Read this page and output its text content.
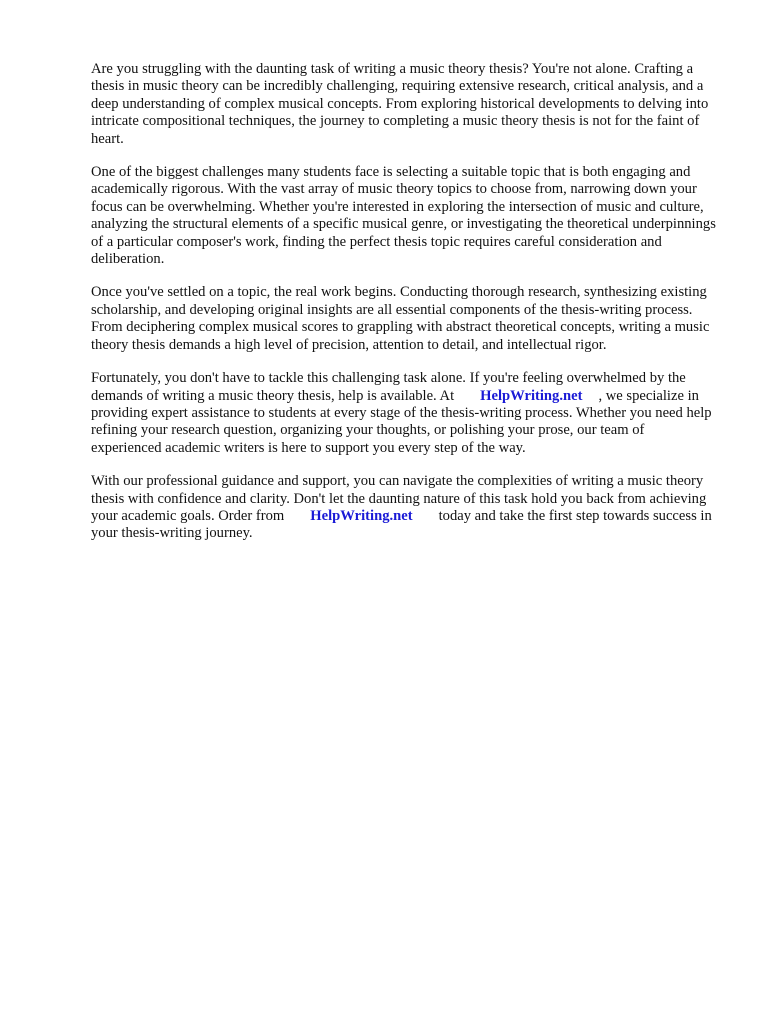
Are you struggling with the daunting task of writing a music theory thesis? You're not alone. Crafting a thesis in music theory can be incredibly challenging, requiring extensive research, critical analysis, and a deep understanding of complex musical concepts. From exploring historical developments to delving into intricate compositional techniques, the journey to completing a music theory thesis is not for the faint of heart.

One of the biggest challenges many students face is selecting a suitable topic that is both engaging and academically rigorous. With the vast array of music theory topics to choose from, narrowing down your focus can be overwhelming. Whether you're interested in exploring the intersection of music and culture, analyzing the structural elements of a specific musical genre, or investigating the theoretical underpinnings of a particular composer's work, finding the perfect thesis topic requires careful consideration and deliberation.

Once you've settled on a topic, the real work begins. Conducting thorough research, synthesizing existing scholarship, and developing original insights are all essential components of the thesis-writing process. From deciphering complex musical scores to grappling with abstract theoretical concepts, writing a music theory thesis demands a high level of precision, attention to detail, and intellectual rigor.

Fortunately, you don't have to tackle this challenging task alone. If you're feeling overwhelmed by the demands of writing a music theory thesis, help is available. At HelpWriting.net , we specialize in providing expert assistance to students at every stage of the thesis-writing process. Whether you need help refining your research question, organizing your thoughts, or polishing your prose, our team of experienced academic writers is here to support you every step of the way.

With our professional guidance and support, you can navigate the complexities of writing a music theory thesis with confidence and clarity. Don't let the daunting nature of this task hold you back from achieving your academic goals. Order from HelpWriting.net today and take the first step towards success in your thesis-writing journey.
